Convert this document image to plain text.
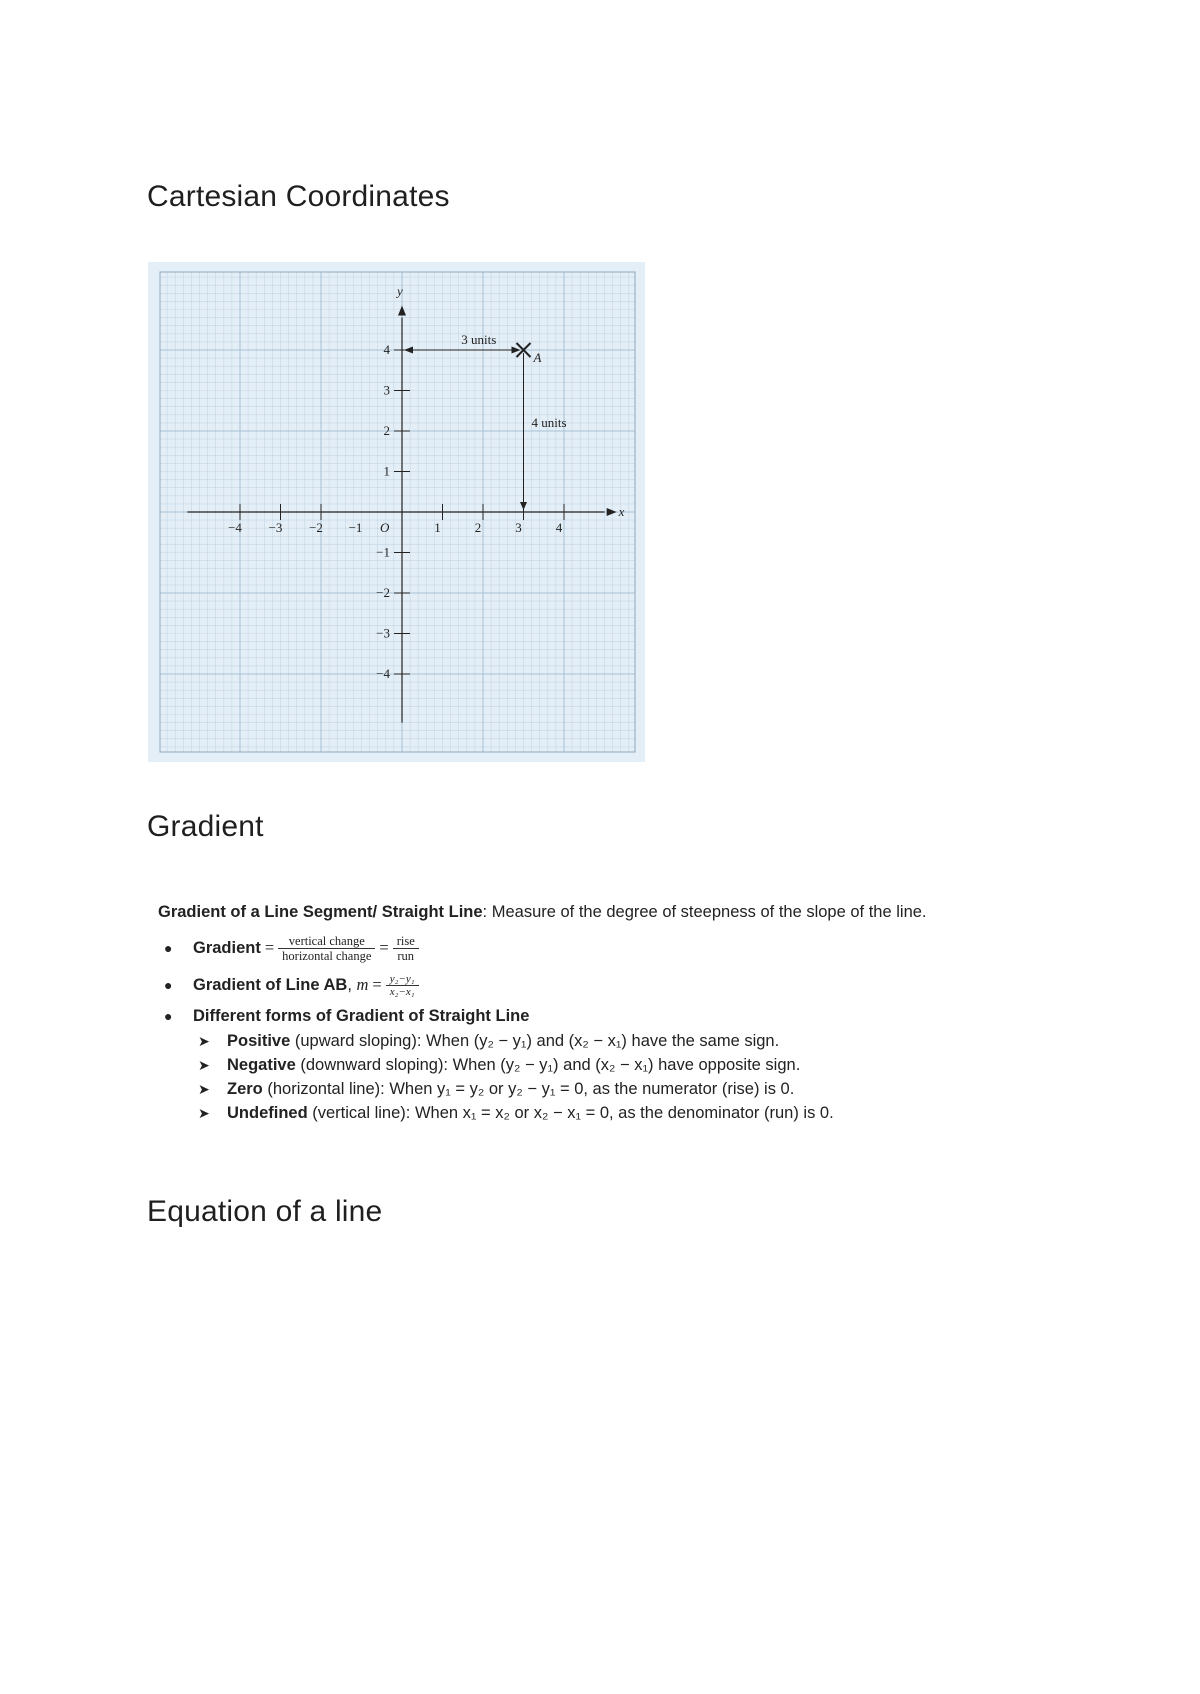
Cartesian Coordinates
x
y
O
−4 −3 −2 −1	1	2	3	4
4
3
2
1
−1
−2
−3
−4
A
3 units
4 units
Gradient

Gradient of a Line Segment/ Straight Line: Measure of the degree of steepness of the slope of the line.

● Gradient = $\frac{\text{vertical change}}{\text{horizontal change}} = \frac{\text{rise}}{\text{run}}$
● Gradient of Line AB, $m = \frac{\text{y₂−y₁}}{\text{x₂−x₁}}$
● Different forms of Gradient of Straight Line
➤ Positive (upward sloping): When (y₂ − y₁) and (x₂ − x₁) have the same sign.
➤ Negative (downward sloping): When (y₂ − y₁) and (x₂ − x₁) have opposite sign.
➤ Zero (horizontal line): When y₁ = y₂ or y₂ − y₁ = 0, as the numerator (rise) is 0.
➤ Undefined (vertical line): When x₁ = x₂ or x₂ − x₁ = 0, as the denominator (run) is 0.
Equation of a line
